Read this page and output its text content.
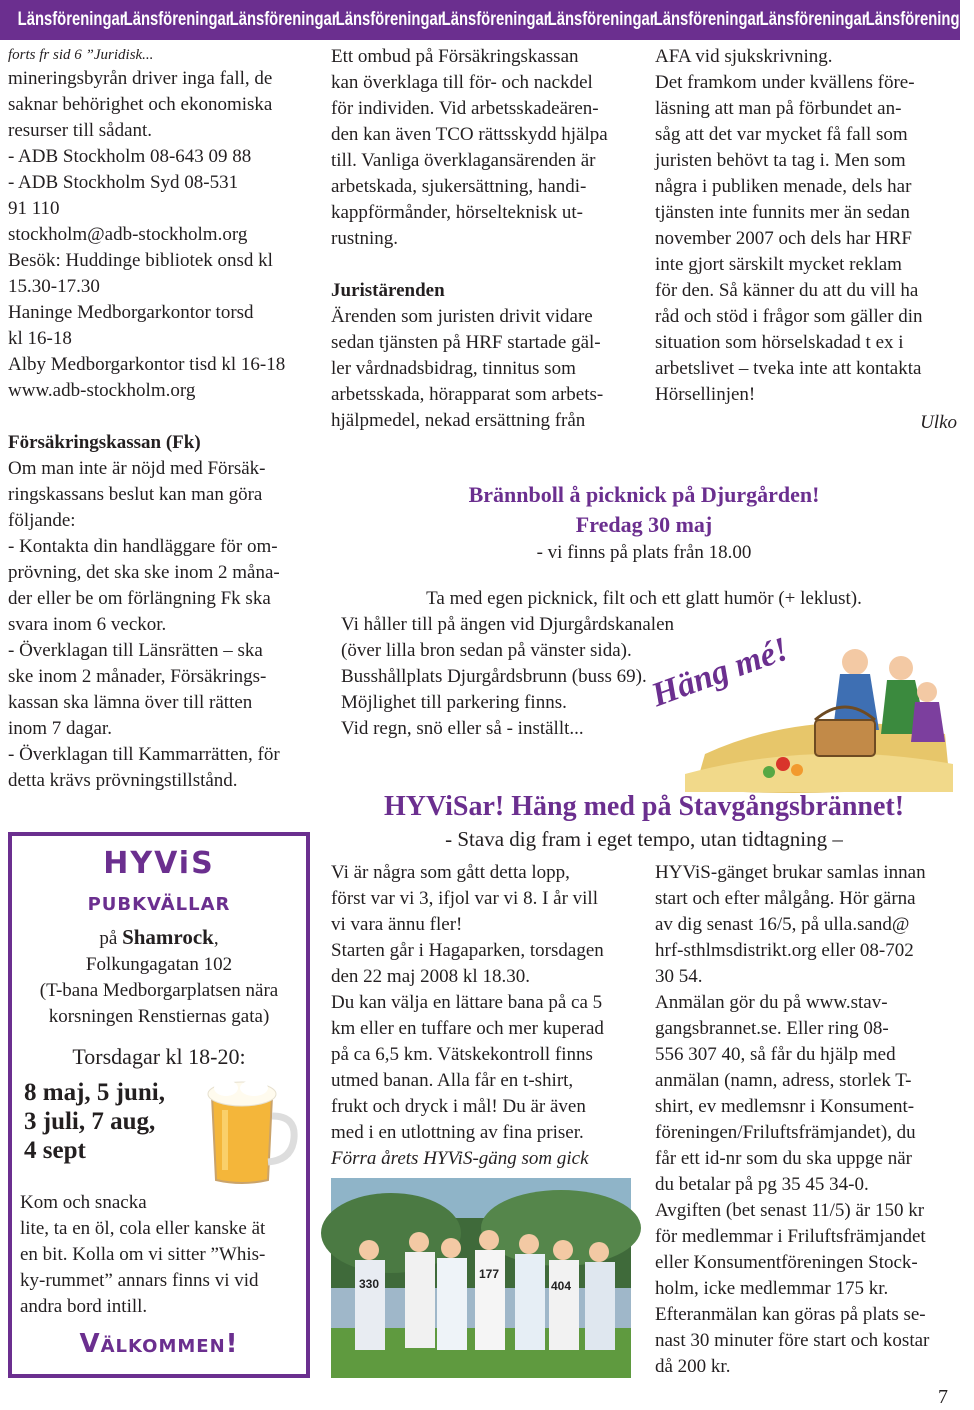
Länsföreningar
Länsföreningar
Länsföreningar
Länsföreningar
Länsföreningar
Länsföreningar
Länsföreningar
Länsföreningar
Länsföreningar

forts fr sid 6 ”Juridisk...

mineringsbyrån driver inga fall, de

saknar behörighet och ekonomiska

resurser till sådant.

- ADB Stockholm 08-643 09 88

- ADB Stockholm Syd 08-531

91 110

stockholm@adb-stockholm.org

Besök: Huddinge bibliotek onsd kl

15.30-17.30

Haninge Medborgarkontor torsd

kl 16-18

Alby Medborgarkontor tisd kl 16-18

www.adb-stockholm.org

Försäkringskassan (Fk)

Om man inte är nöjd med Försäk-

ringskassans beslut kan man göra

följande:

- Kontakta din handläggare för om-

prövning, det ska ske inom 2 måna-

der eller be om förlängning Fk ska

svara inom 6 veckor.

- Överklagan till Länsrätten – ska

ske inom 2 månader, Försäkrings-

kassan ska lämna över till rätten

inom 7 dagar.

- Överklagan till Kammarrätten, för

detta krävs prövningstillstånd.

HYViS
pubkvällar
på Shamrock,
Folkungagatan 102
(T-bana Medborgarplatsen nära
korsningen Renstiernas gata)
Torsdagar kl 18-20:

8 maj, 5 juni,

3 juli, 7 aug,

4 sept

Kom och snacka

lite, ta en öl, cola eller kanske ät

en bit. Kolla om vi sitter ”Whis-

ky-rummet” annars finns vi vid

andra bord intill.

Välkommen!

Ett ombud på Försäkringskassan

kan överklaga till för- och nackdel

för individen. Vid arbetsskadeären-

den kan även TCO rättsskydd hjälpa

till. Vanliga överklagansärenden är

arbetskada, sjukersättning, handi-

kappförmånder, hörselteknisk ut-

rustning.

Juristärenden

Ärenden som juristen drivit vidare

sedan tjänsten på HRF startade gäl-

ler vårdnadsbidrag, tinnitus som

arbetsskada, hörapparat som arbets-

hjälpmedel, nekad ersättning från

AFA vid sjukskrivning.

Det framkom under kvällens före-

läsning att man på förbundet an-

såg att det var mycket få fall som

juristen behövt ta tag i. Men som

några i publiken menade, dels har

tjänsten inte funnits mer än sedan

november 2007 och dels har HRF

inte gjort särskilt mycket reklam

för den. Så känner du att du vill ha

råd och stöd i frågor som gäller din

situation som hörselskadad t ex i

arbetslivet – tveka inte att kontakta

Hörsellinjen!

Ulko

Brännboll å picknick på Djurgården!

Fredag 30 maj

- vi finns på plats från 18.00

Ta med egen picknick, filt och ett glatt humör (+ leklust).

Vi håller till på ängen vid Djurgårdskanalen

(över lilla bron sedan på vänster sida).

Busshållplats Djurgårdsbrunn (buss 69).

Möjlighet till parkering finns.

Vid regn, snö eller så - inställt...

Häng mé!

HYViSar! Häng med på Stavgångsbrännet!

- Stava dig fram i eget tempo, utan tidtagning –

Vi är några som gått detta lopp,

först var vi 3, ifjol var vi 8. I år vill

vi vara ännu fler!

Starten går i Hagaparken, torsdagen

den 22 maj 2008 kl 18.30.

Du kan välja en lättare bana på ca 5

km eller en tuffare och mer kuperad

på ca 6,5 km. Vätskekontroll finns

utmed banan. Alla får en t-shirt,

frukt och dryck i mål! Du är även

med i en utlottning av fina priser.

Förra årets HYViS-gäng som gick

330
177
404

HYViS-gänget brukar samlas innan

start och efter målgång. Hör gärna

av dig senast 16/5, på ulla.sand@

hrf-sthlmsdistrikt.org eller 08-702

30 54.

Anmälan gör du på www.stav-

gangsbrannet.se. Eller ring 08-

556 307 40, så får du hjälp med

anmälan (namn, adress, storlek T-

shirt, ev medlemsnr i Konsument-

föreningen/Friluftsfrämjandet), du

får ett id-nr som du ska uppge när

du betalar på pg 35 45 34-0.

Avgiften (bet senast 11/5) är 150 kr

för medlemmar i Friluftsfrämjandet

eller Konsumentföreningen Stock-

holm, icke medlemmar 175 kr.

Efteranmälan kan göras på plats se-

nast 30 minuter före start och kostar

då 200 kr.

7
